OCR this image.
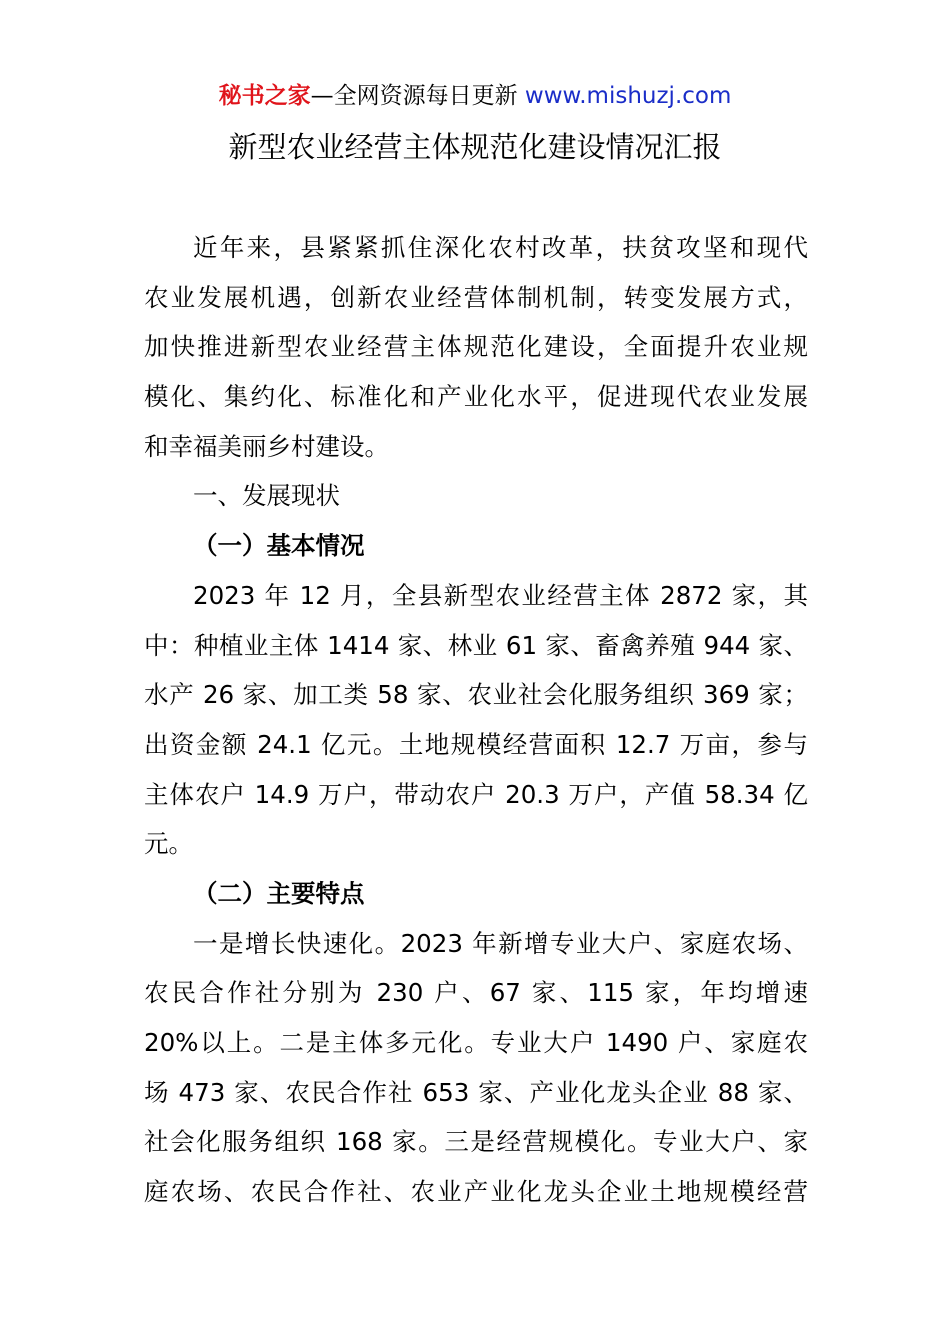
秘书之家—全网资源每日更新 www.mishuzj.com
新型农业经营主体规范化建设情况汇报
近年来，县紧紧抓住深化农村改革，扶贫攻坚和现代
农业发展机遇，创新农业经营体制机制，转变发展方式，
加快推进新型农业经营主体规范化建设，全面提升农业规
模化、集约化、标准化和产业化水平，促进现代农业发展
和幸福美丽乡村建设。
一、发展现状
（一）基本情况
2023 年 12 月，全县新型农业经营主体 2872 家，其
中：种植业主体 1414 家、林业 61 家、畜禽养殖 944 家、
水产 26 家、加工类 58 家、农业社会化服务组织 369 家；
出资金额 24.1 亿元。土地规模经营面积 12.7 万亩，参与
主体农户 14.9 万户，带动农户 20.3 万户，产值 58.34 亿
元。
（二）主要特点
一是增长快速化。2023 年新增专业大户、家庭农场、
农民合作社分别为 230 户、67 家、115 家，年均增速
20%以上。二是主体多元化。专业大户 1490 户、家庭农
场 473 家、农民合作社 653 家、产业化龙头企业 88 家、
社会化服务组织 168 家。三是经营规模化。专业大户、家
庭农场、农民合作社、农业产业化龙头企业土地规模经营
